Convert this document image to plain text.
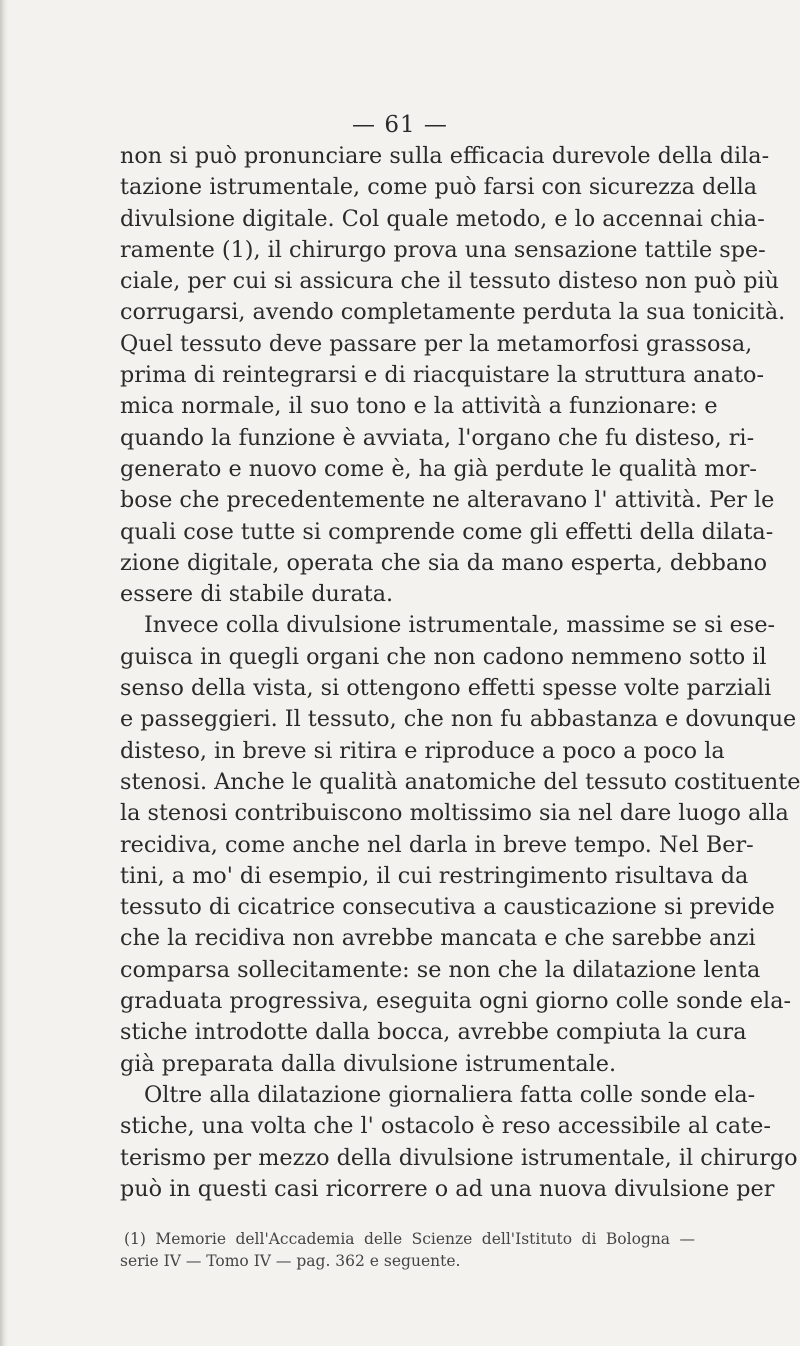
— 61 —
non si può pronunciare sulla efficacia durevole della dila-
tazione istrumentale, come può farsi con sicurezza della
divulsione digitale. Col quale metodo, e lo accennai chia-
ramente (1), il chirurgo prova una sensazione tattile spe-
ciale, per cui si assicura che il tessuto disteso non può più
corrugarsi, avendo completamente perduta la sua tonicità.
Quel tessuto deve passare per la metamorfosi grassosa,
prima di reintegrarsi e di riacquistare la struttura anato-
mica normale, il suo tono e la attività a funzionare: e
quando la funzione è avviata, l'organo che fu disteso, ri-
generato e nuovo come è, ha già perdute le qualità mor-
bose che precedentemente ne alteravano l' attività. Per le
quali cose tutte si comprende come gli effetti della dilata-
zione digitale, operata che sia da mano esperta, debbano
essere di stabile durata.
Invece colla divulsione istrumentale, massime se si ese-
guisca in quegli organi che non cadono nemmeno sotto il
senso della vista, si ottengono effetti spesse volte parziali
e passeggieri. Il tessuto, che non fu abbastanza e dovunque
disteso, in breve si ritira e riproduce a poco a poco la
stenosi. Anche le qualità anatomiche del tessuto costituente
la stenosi contribuiscono moltissimo sia nel dare luogo alla
recidiva, come anche nel darla in breve tempo. Nel Ber-
tini, a mo' di esempio, il cui restringimento risultava da
tessuto di cicatrice consecutiva a causticazione si previde
che la recidiva non avrebbe mancata e che sarebbe anzi
comparsa sollecitamente: se non che la dilatazione lenta
graduata progressiva, eseguita ogni giorno colle sonde ela-
stiche introdotte dalla bocca, avrebbe compiuta la cura
già preparata dalla divulsione istrumentale.
Oltre alla dilatazione giornaliera fatta colle sonde ela-
stiche, una volta che l' ostacolo è reso accessibile al cate-
terismo per mezzo della divulsione istrumentale, il chirurgo
può in questi casi ricorrere o ad una nuova divulsione per
(1) Memorie dell'Accademia delle Scienze dell'Istituto di Bologna —
serie IV — Tomo IV — pag. 362 e seguente.
